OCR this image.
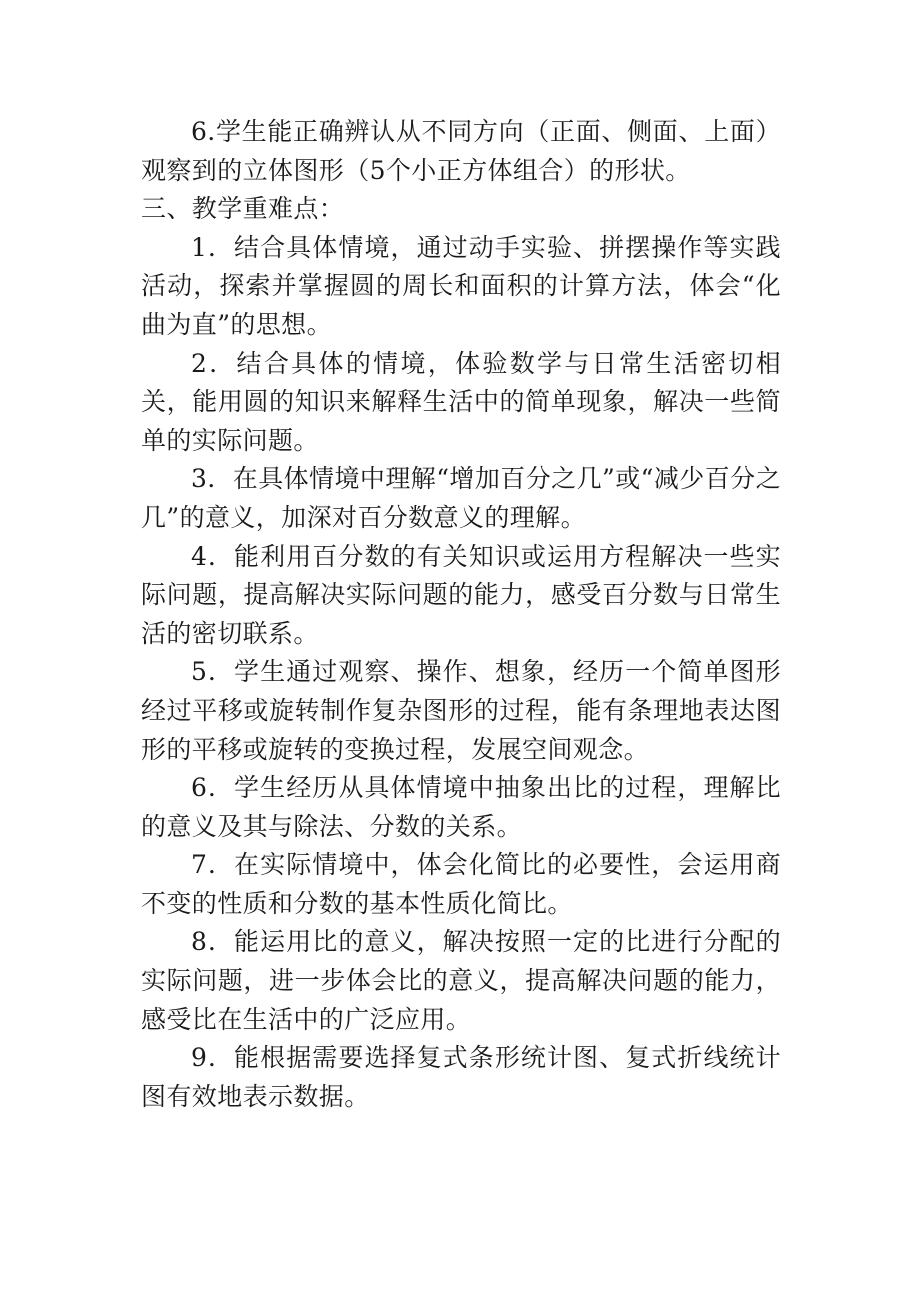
6.学生能正确辨认从不同方向（正面、侧面、上面）观察到的立体图形（5个小正方体组合）的形状。

三、教学重难点：

1．结合具体情境，通过动手实验、拼摆操作等实践活动，探索并掌握圆的周长和面积的计算方法，体会“化曲为直”的思想。

2．结合具体的情境，体验数学与日常生活密切相关，能用圆的知识来解释生活中的简单现象，解决一些简单的实际问题。

3．在具体情境中理解“增加百分之几”或“减少百分之几”的意义，加深对百分数意义的理解。

4．能利用百分数的有关知识或运用方程解决一些实际问题，提高解决实际问题的能力，感受百分数与日常生活的密切联系。

5．学生通过观察、操作、想象，经历一个简单图形经过平移或旋转制作复杂图形的过程，能有条理地表达图形的平移或旋转的变换过程，发展空间观念。

6．学生经历从具体情境中抽象出比的过程，理解比的意义及其与除法、分数的关系。

7．在实际情境中，体会化简比的必要性，会运用商不变的性质和分数的基本性质化简比。

8．能运用比的意义，解决按照一定的比进行分配的实际问题，进一步体会比的意义，提高解决问题的能力，感受比在生活中的广泛应用。

9．能根据需要选择复式条形统计图、复式折线统计图有效地表示数据。
